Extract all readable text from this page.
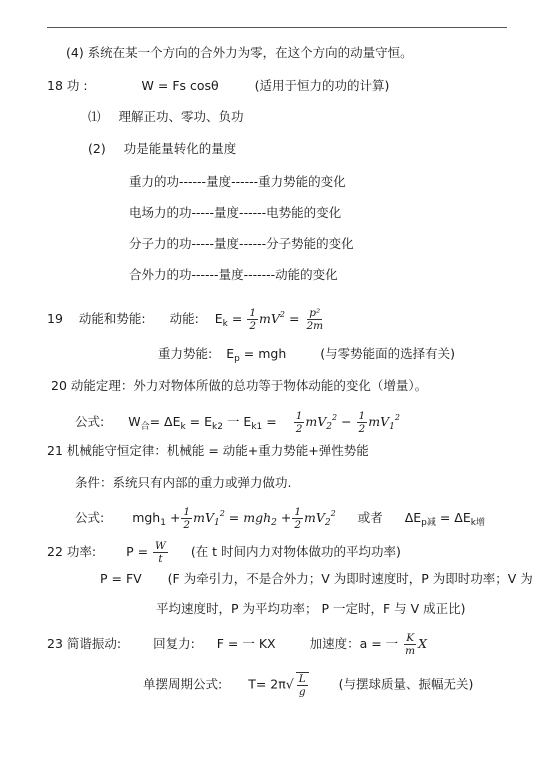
(4) 系统在某一个方向的合外力为零，在这个方向的动量守恒。
18 功 :	W = Fs cosθ	(适用于恒力的功的计算)
⑴ 理解正功、零功、负功
(2) 功是能量转化的量度
重力的功------量度------重力势能的变化
电场力的功-----量度------电势能的变化
分子力的功-----量度------分子势能的变化
合外力的功------量度-------动能的变化
19 动能和势能: 动能: $E_k = \frac{1}{2} mV^2 = \frac{\text{p²}}{2m}$
重力势能: $E_p$ = mgh	(与零势能面的选择有关)
20 动能定理：外力对物体所做的总功等于物体动能的变化（增量）。
公式: $W_合= \Delta E_k = E_{k2}$ 一 $E_{k1} = \frac{1}{2} mV_2^2 - \frac{1}{2} mV_1^2$
21 机械能守恒定律：机械能 = 动能+重力势能+弹性势能
条件：系统只有内部的重力或弹力做功.
公式: $mgh_1 + \frac{1}{2} mV_1^2 = mgh_2 + \frac{1}{2} mV_2^2$ 或者 $\Delta E_{p减} = \Delta E_{k增}$
22 功率: $P = \frac{W}{t}$ (在 t 时间内力对物体做功的平均功率)
P = FV (F 为牵引力，不是合外力；V 为即时速度时，P 为即时功率；V 为
平均速度时，P 为平均功率； P 一定时，F 与 V 成正比)
23 简谐振动:	回复力: F = 一 KX	加速度：a = 一 $\frac{K}{m}$ X
单摆周期公式: $T= 2\pi√ \frac{L}{g}$ (与摆球质量、振幅无关)
